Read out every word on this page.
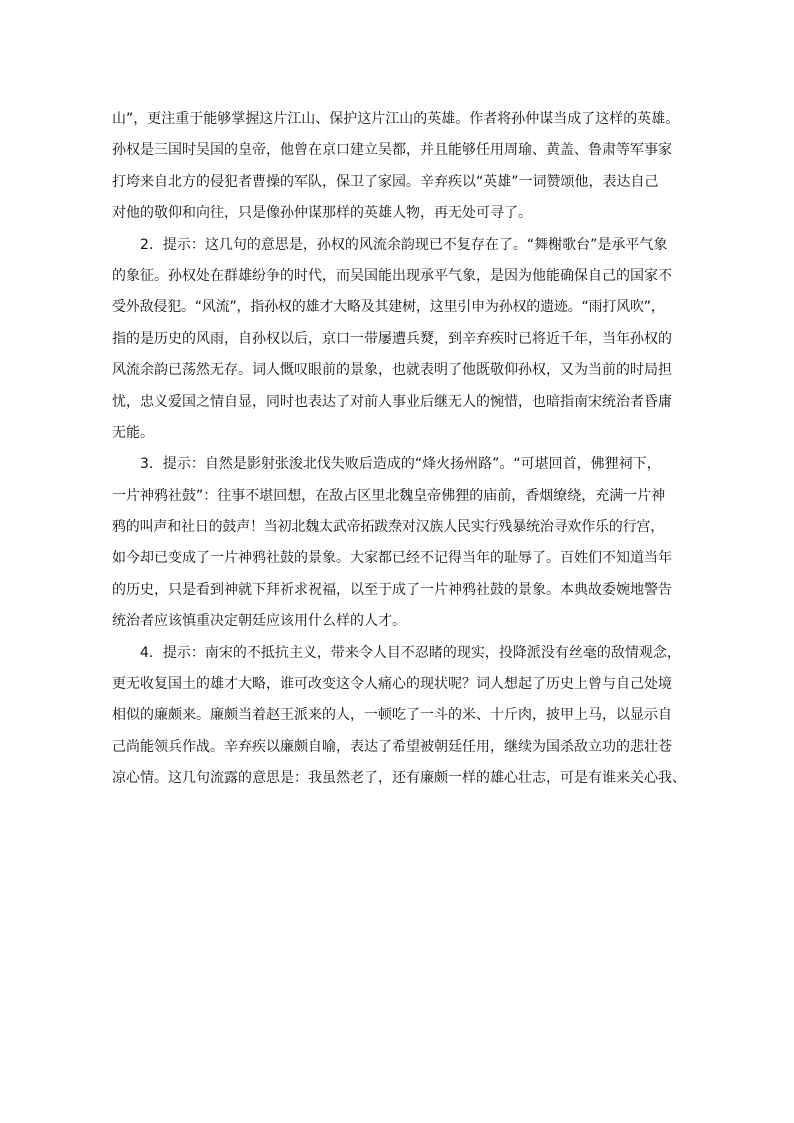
山”，更注重于能够掌握这片江山、保护这片江山的英雄。作者将孙仲谋当成了这样的英雄。
孙权是三国时吴国的皇帝，他曾在京口建立吴都，并且能够任用周瑜、黄盖、鲁肃等军事家
打垮来自北方的侵犯者曹操的军队，保卫了家园。辛弃疾以“英雄”一词赞颂他，表达自己
对他的敬仰和向往，只是像孙仲谋那样的英雄人物，再无处可寻了。
2．提示：这几句的意思是，孙权的风流余韵现已不复存在了。“舞榭歌台”是承平气象
的象征。孙权处在群雄纷争的时代，而吴国能出现承平气象，是因为他能确保自己的国家不
受外敌侵犯。“风流”，指孙权的雄才大略及其建树，这里引申为孙权的遗迹。“雨打风吹”，
指的是历史的风雨，自孙权以后，京口一带屡遭兵燹，到辛弃疾时已将近千年，当年孙权的
风流余韵已荡然无存。词人慨叹眼前的景象，也就表明了他既敬仰孙权，又为当前的时局担
忧，忠义爱国之情自显，同时也表达了对前人事业后继无人的惋惜，也暗指南宋统治者昏庸
无能。
3．提示：自然是影射张浚北伐失败后造成的“烽火扬州路”。“可堪回首，佛狸祠下，
一片神鸦社鼓”：往事不堪回想，在敌占区里北魏皇帝佛狸的庙前，香烟缭绕，充满一片神
鸦的叫声和社日的鼓声！当初北魏太武帝拓跋焘对汉族人民实行残暴统治寻欢作乐的行宫，
如今却已变成了一片神鸦社鼓的景象。大家都已经不记得当年的耻辱了。百姓们不知道当年
的历史，只是看到神就下拜祈求祝福，以至于成了一片神鸦社鼓的景象。本典故委婉地警告
统治者应该慎重决定朝廷应该用什么样的人才。
4．提示：南宋的不抵抗主义，带来令人目不忍睹的现实，投降派没有丝毫的敌情观念，
更无收复国土的雄才大略，谁可改变这令人痛心的现状呢？词人想起了历史上曾与自己处境
相似的廉颇来。廉颇当着赵王派来的人，一顿吃了一斗的米、十斤肉，披甲上马，以显示自
己尚能领兵作战。辛弃疾以廉颇自喻，表达了希望被朝廷任用，继续为国杀敌立功的悲壮苍
凉心情。这几句流露的意思是：我虽然老了，还有廉颇一样的雄心壮志，可是有谁来关心我、
